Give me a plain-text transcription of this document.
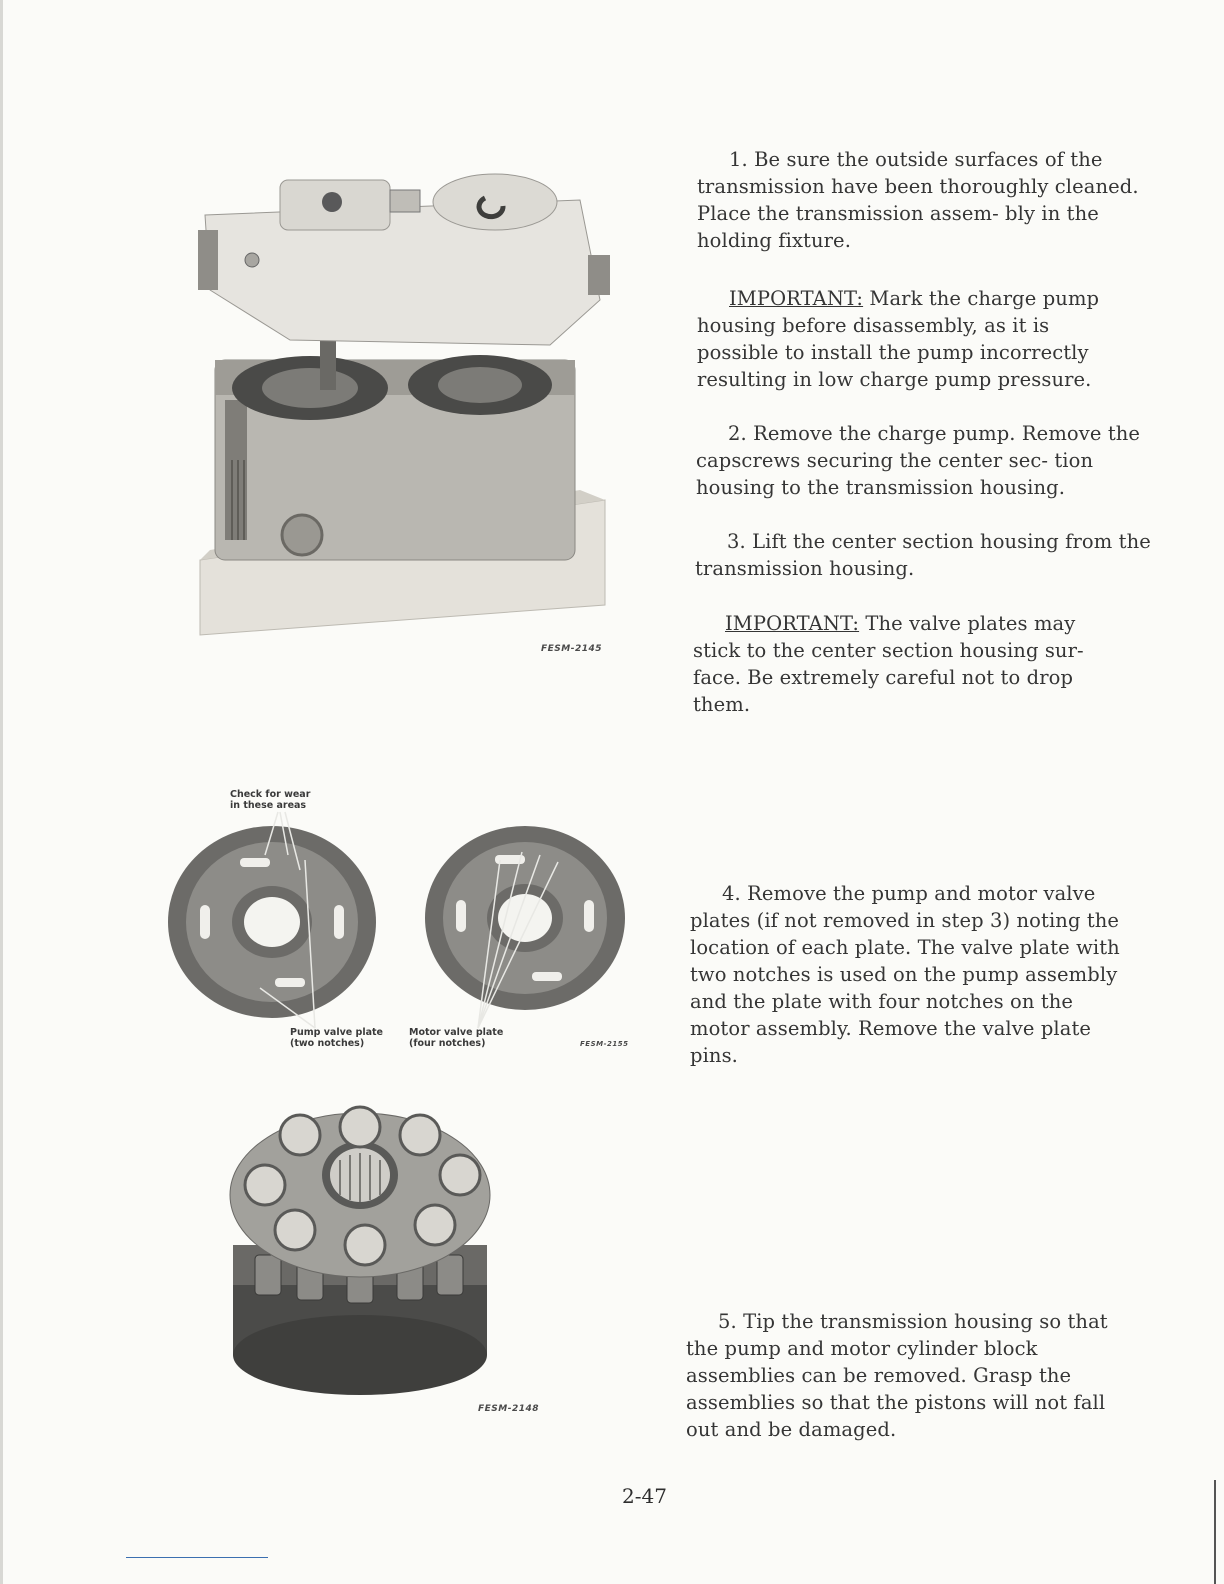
FESM-2145
Check for wear
in these areas
Pump valve plate
(two notches)
Motor valve plate
(four notches)	FESM-2155
FESM-2148

1. Be sure the outside surfaces of the transmission have been thoroughly cleaned. Place the transmission assem- bly in the holding fixture.

IMPORTANT: Mark the charge pump housing before disassembly, as it is possible to install the pump incorrectly resulting in low charge pump pressure.

2. Remove the charge pump. Remove the capscrews securing the center sec- tion housing to the transmission housing.

3. Lift the center section housing from the transmission housing.

IMPORTANT: The valve plates may stick to the center section housing sur- face. Be extremely careful not to drop them.

4. Remove the pump and motor valve plates (if not removed in step 3) noting the location of each plate. The valve plate with two notches is used on the pump assembly and the plate with four notches on the motor assembly. Remove the valve plate pins.

5. Tip the transmission housing so that the pump and motor cylinder block assemblies can be removed. Grasp the assemblies so that the pistons will not fall out and be damaged.

2-47
